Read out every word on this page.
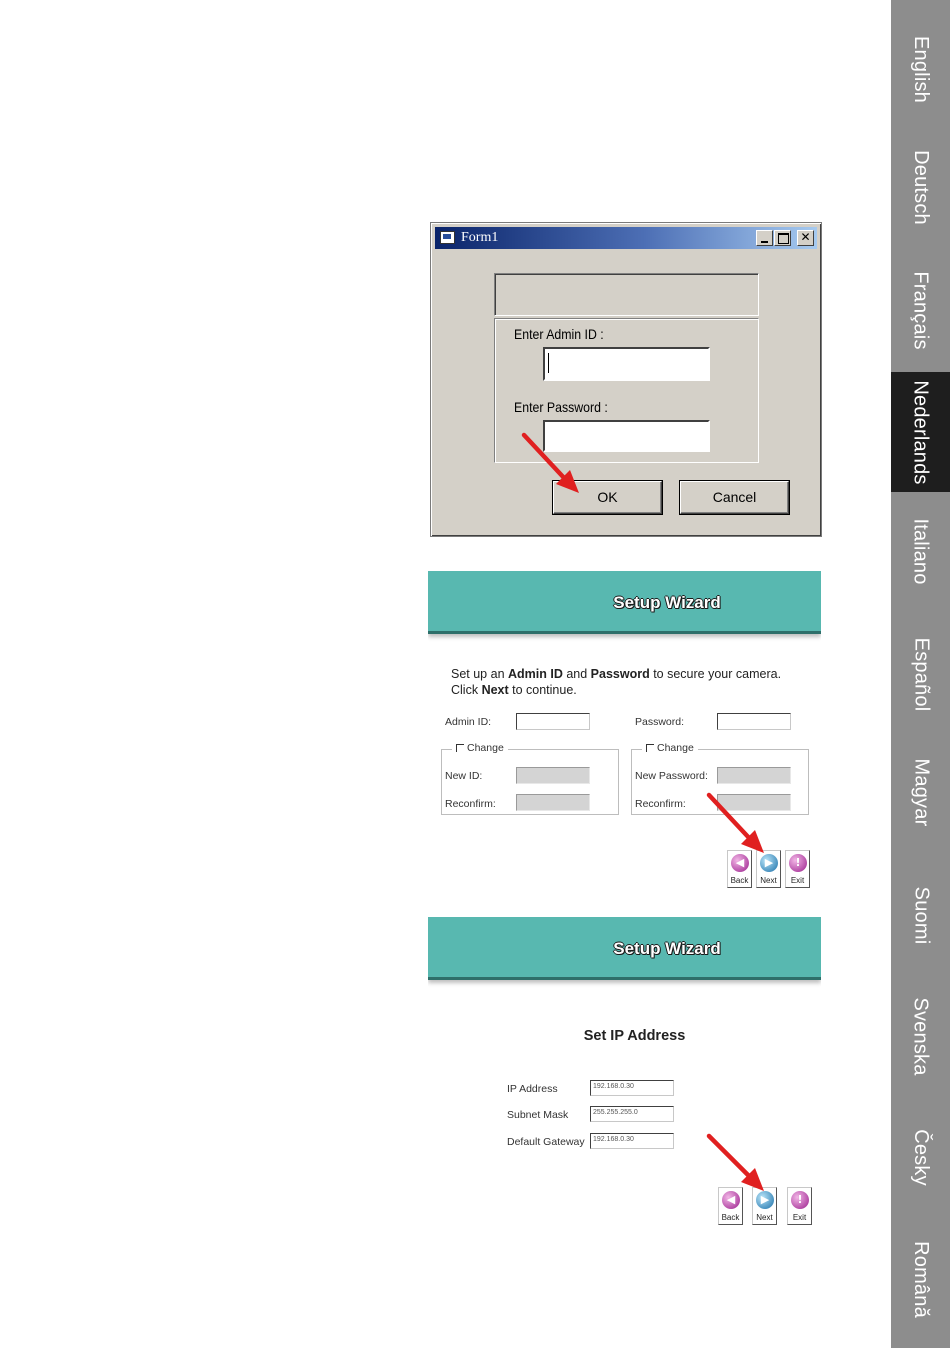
English
Deutsch
Français
Nederlands
Italiano
Español
Magyar
Suomi
Svenska
Česky
Română
Form1	✕
Enter Admin ID :
Enter Password :
OK	Cancel
Setup Wizard
Set up an Admin ID and Password to secure your camera.
Click Next to continue.
Admin ID:	Password:
Change
New ID:
Reconfirm:
Change
New Password:
Reconfirm:
◀
Back
▶
Next
!
Exit
Setup Wizard
Set IP Address
IP Address	192.168.0.30
Subnet Mask	255.255.255.0
Default Gateway 192.168.0.30
◀
Back
▶
Next
!
Exit
